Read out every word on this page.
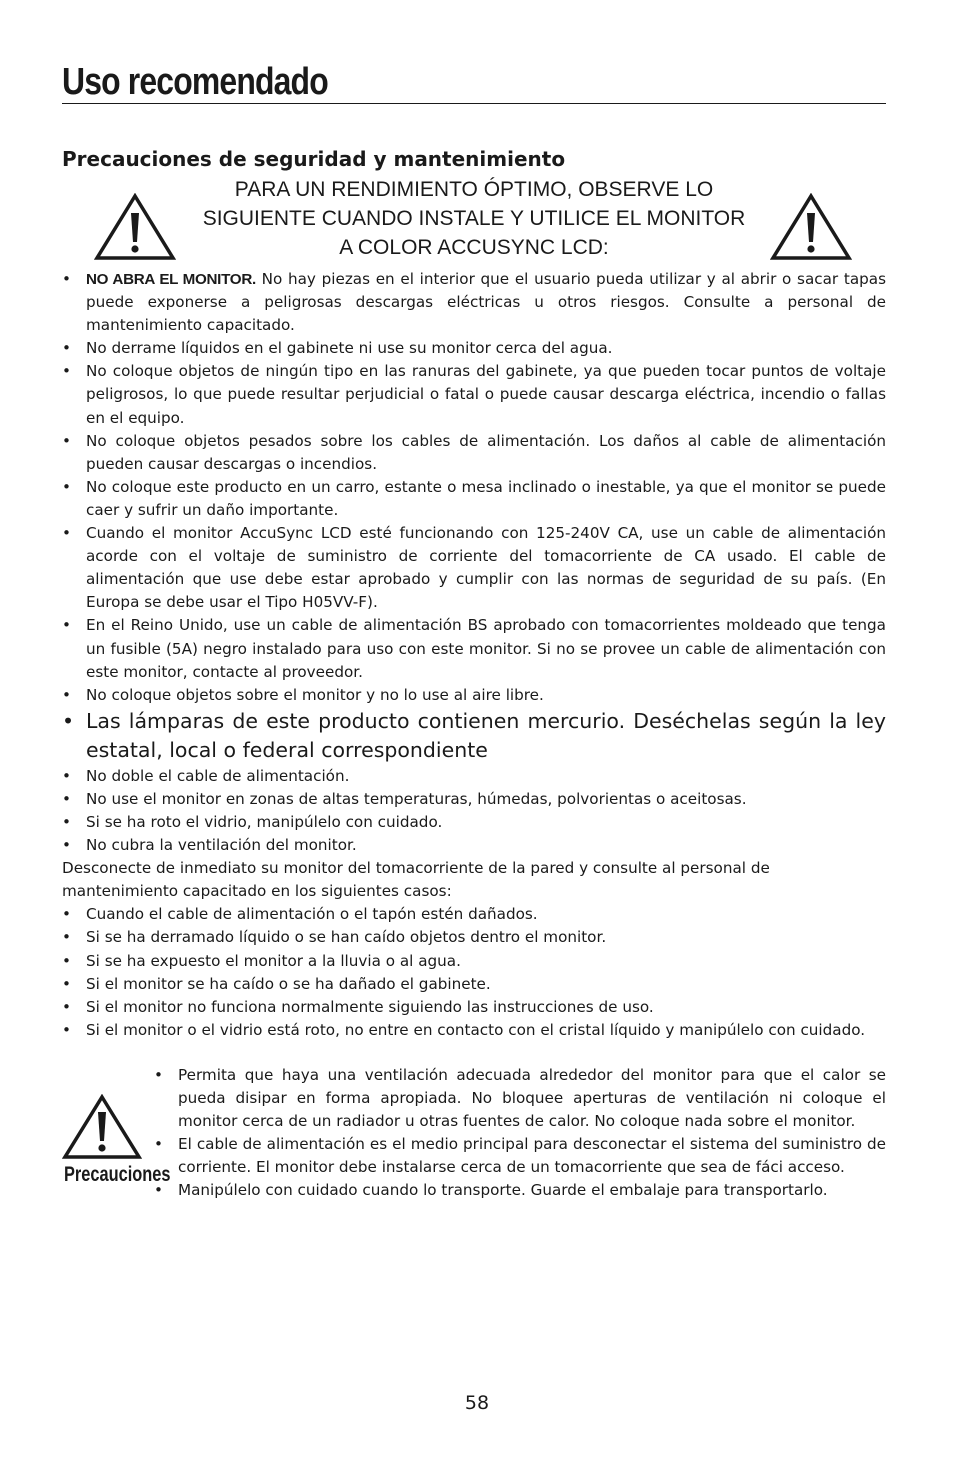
Uso recomendado
Precauciones de seguridad y mantenimiento

PARA UN RENDIMIENTO ÓPTIMO, OBSERVE LO

SIGUIENTE CUANDO INSTALE Y UTILICE EL MONITOR

A COLOR ACCUSYNC LCD:

• NO ABRA EL MONITOR. No hay piezas en el interior que el usuario pueda utilizar y al abrir o sacar tapas puede exponerse a peligrosas descargas eléctricas u otros riesgos. Consulte a personal de mantenimiento capacitado.
• No derrame líquidos en el gabinete ni use su monitor cerca del agua.
• No coloque objetos de ningún tipo en las ranuras del gabinete, ya que pueden tocar puntos de voltaje peligrosos, lo que puede resultar perjudicial o fatal o puede causar descarga eléctrica, incendio o fallas en el equipo.
• No coloque objetos pesados sobre los cables de alimentación. Los daños al cable de alimentación pueden causar descargas o incendios.
• No coloque este producto en un carro, estante o mesa inclinado o inestable, ya que el monitor se puede caer y sufrir un daño importante.
• Cuando el monitor AccuSync LCD esté funcionando con 125-240V CA, use un cable de alimentación acorde con el voltaje de suministro de corriente del tomacorriente de CA usado. El cable de alimentación que use debe estar aprobado y cumplir con las normas de seguridad de su país. (En Europa se debe usar el Tipo H05VV-F).
• En el Reino Unido, use un cable de alimentación BS aprobado con tomacorrientes moldeado que tenga un fusible (5A) negro instalado para uso con este monitor. Si no se provee un cable de alimentación con este monitor, contacte al proveedor.
• No coloque objetos sobre el monitor y no lo use al aire libre.
• Las lámparas de este producto contienen mercurio. Deséchelas según la ley estatal, local o federal correspondiente
• No doble el cable de alimentación.
• No use el monitor en zonas de altas temperaturas, húmedas, polvorientas o aceitosas.
• Si se ha roto el vidrio, manipúlelo con cuidado.
• No cubra la ventilación del monitor.

Desconecte de inmediato su monitor del tomacorriente de la pared y consulte al personal de mantenimiento capacitado en los siguientes casos:

• Cuando el cable de alimentación o el tapón estén dañados.
• Si se ha derramado líquido o se han caído objetos dentro el monitor.
• Si se ha expuesto el monitor a la lluvia o al agua.
• Si el monitor se ha caído o se ha dañado el gabinete.
• Si el monitor no funciona normalmente siguiendo las instrucciones de uso.
• Si el monitor o el vidrio está roto, no entre en contacto con el cristal líquido y manipúlelo con cuidado.
Precauciones
• Permita que haya una ventilación adecuada alrededor del monitor para que el calor se pueda disipar en forma apropiada. No bloquee aperturas de ventilación ni coloque el monitor cerca de un radiador u otras fuentes de calor. No coloque nada sobre el monitor.
• El cable de alimentación es el medio principal para desconectar el sistema del suministro de corriente. El monitor debe instalarse cerca de un tomacorriente que sea de fáci acceso.
• Manipúlelo con cuidado cuando lo transporte. Guarde el embalaje para transportarlo.

58
